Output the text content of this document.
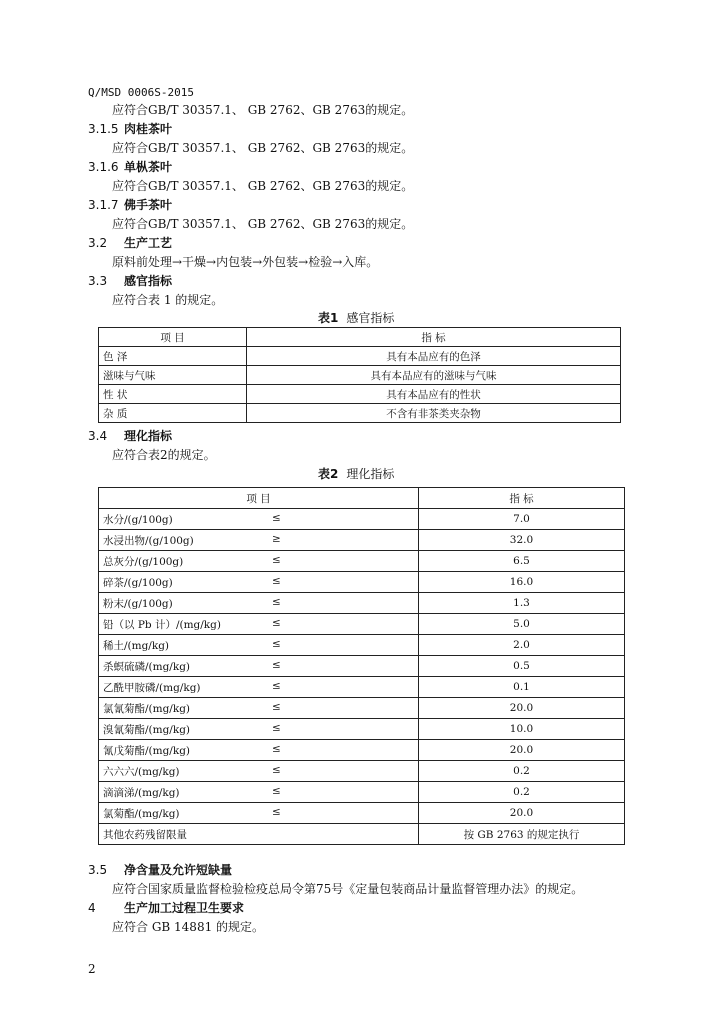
Q/MSD 0006S-2015
应符合GB/T 30357.1、 GB 2762、GB 2763的规定。
3.1.5 肉桂茶叶
应符合GB/T 30357.1、 GB 2762、GB 2763的规定。
3.1.6 单枞茶叶
应符合GB/T 30357.1、 GB 2762、GB 2763的规定。
3.1.7 佛手茶叶
应符合GB/T 30357.1、 GB 2762、GB 2763的规定。
3.2 生产工艺
原料前处理→干燥→内包装→外包装→检验→入库。
3.3 感官指标
应符合表 1 的规定。
表1 感官指标
项 目	指 标
色 泽	具有本品应有的色泽
滋味与气味	具有本品应有的滋味与气味
性 状	具有本品应有的性状
杂 质	不含有非茶类夹杂物
3.4 理化指标
应符合表2的规定。
表2 理化指标
项 目	指 标
水分/(g/100g) ≤	7.0
水浸出物/(g/100g) ≥	32.0
总灰分/(g/100g) ≤	6.5
碎茶/(g/100g) ≤	16.0
粉末/(g/100g) ≤	1.3
铅（以 Pb 计）/(mg/kg) ≤	5.0
稀土/(mg/kg) ≤	2.0
杀螟硫磷/(mg/kg) ≤	0.5
乙酰甲胺磷/(mg/kg) ≤	0.1
氯氰菊酯/(mg/kg) ≤	20.0
溴氰菊酯/(mg/kg) ≤	10.0
氰戊菊酯/(mg/kg) ≤	20.0
六六六/(mg/kg) ≤	0.2
滴滴涕/(mg/kg) ≤	0.2
氯菊酯/(mg/kg) ≤	20.0
其他农药残留限量	按 GB 2763 的规定执行
3.5 净含量及允许短缺量
应符合国家质量监督检验检疫总局令第75号《定量包装商品计量监督管理办法》的规定。
4 生产加工过程卫生要求
应符合 GB 14881 的规定。
2
